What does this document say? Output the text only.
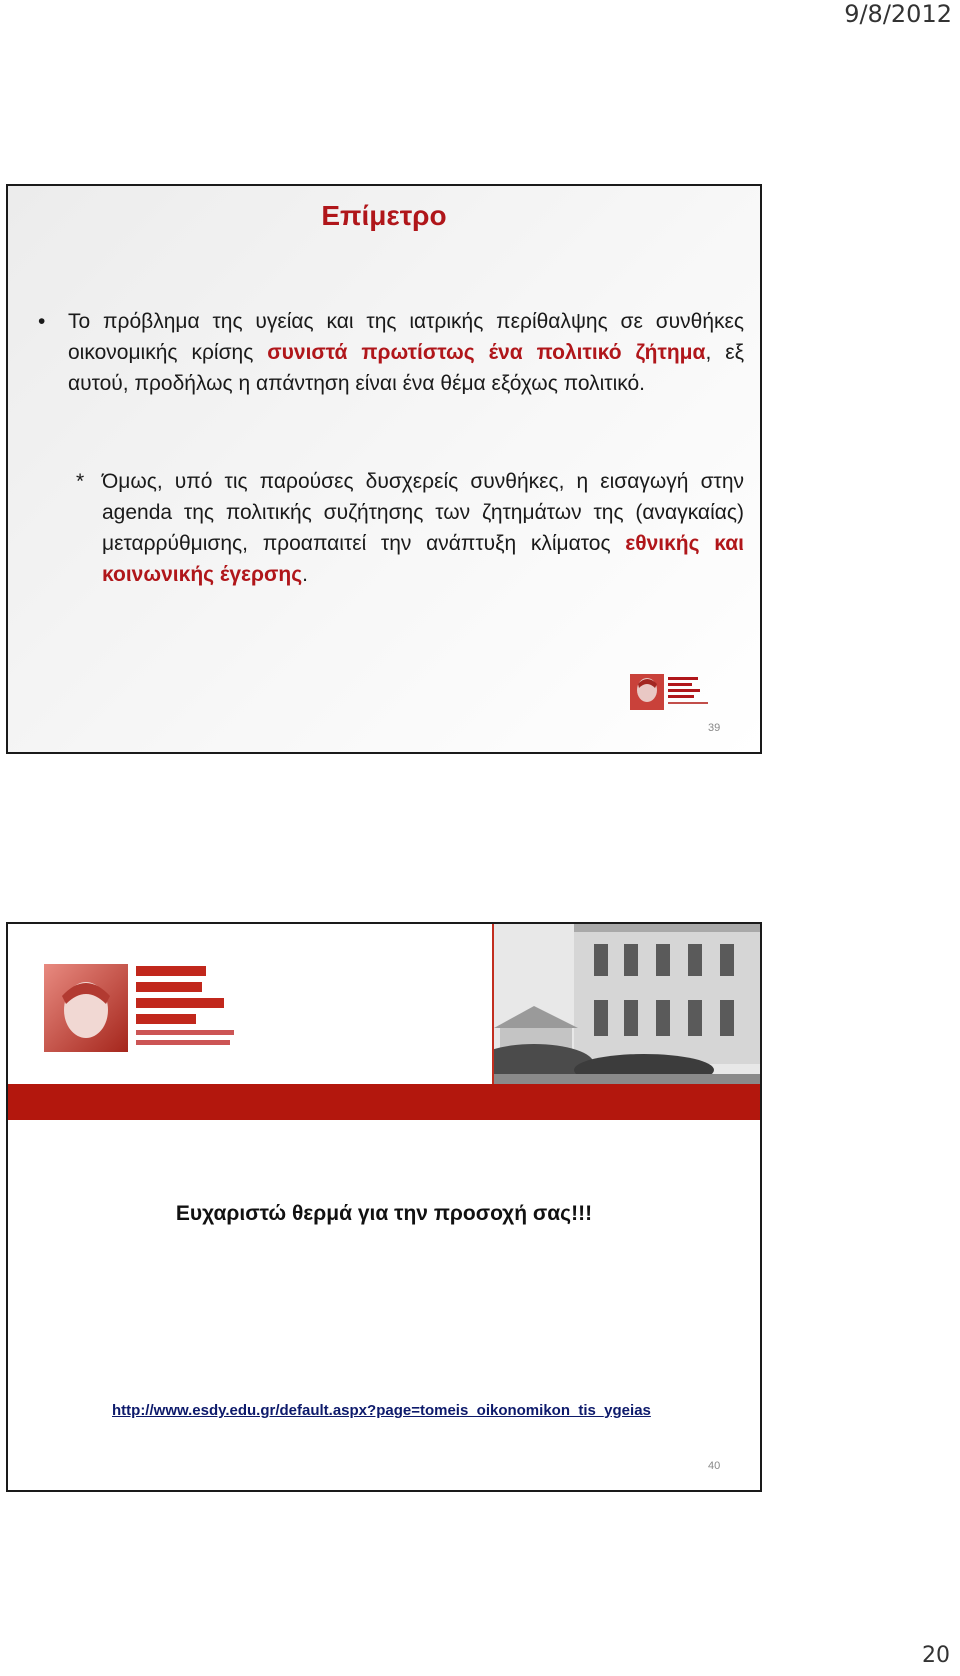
9/8/2012
Επίμετρο
• Το πρόβλημα της υγείας και της ιατρικής περίθαλψης σε συνθήκες οικονομικής κρίσης συνιστά πρωτίστως ένα πολιτικό ζήτημα, εξ αυτού, προδήλως η απάντηση είναι ένα θέμα εξόχως πολιτικό.
* Όμως, υπό τις παρούσες δυσχερείς συνθήκες, η εισαγωγή στην agenda της πολιτικής συζήτησης των ζητημάτων της (αναγκαίας) μεταρρύθμισης, προαπαιτεί την ανάπτυξη κλίματος εθνικής και κοινωνικής έγερσης.
39
Ευχαριστώ θερμά για την προσοχή σας!!!
http://www.esdy.edu.gr/default.aspx?page=tomeis_oikonomikon_tis_ygeias
40
20
